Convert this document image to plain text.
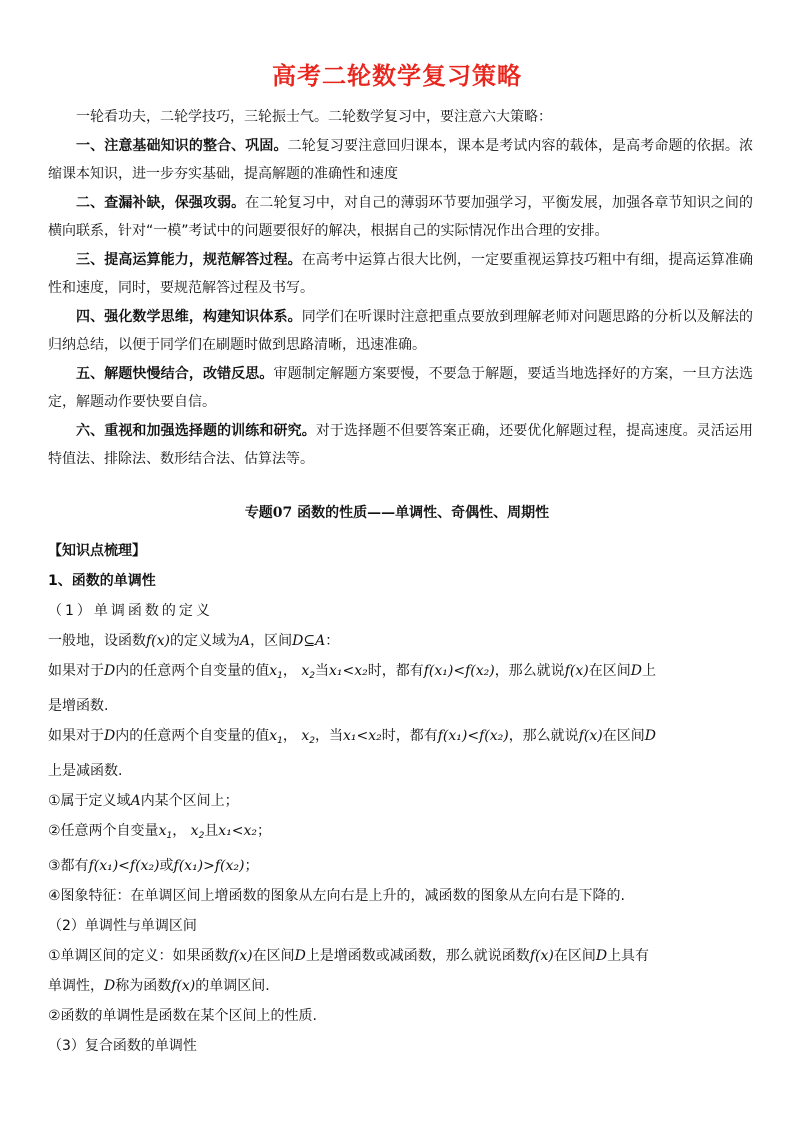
高考二轮数学复习策略

一轮看功夫，二轮学技巧，三轮振士气。二轮数学复习中，要注意六大策略：

一、注意基础知识的整合、巩固。二轮复习要注意回归课本，课本是考试内容的载体，是高考命题的依据。浓缩课本知识，进一步夯实基础，提高解题的准确性和速度

二、查漏补缺，保强攻弱。在二轮复习中，对自己的薄弱环节要加强学习，平衡发展，加强各章节知识之间的横向联系，针对“一模”考试中的问题要很好的解决，根据自己的实际情况作出合理的安排。

三、提高运算能力，规范解答过程。在高考中运算占很大比例，一定要重视运算技巧粗中有细，提高运算准确性和速度，同时，要规范解答过程及书写。

四、强化数学思维，构建知识体系。同学们在听课时注意把重点要放到理解老师对问题思路的分析以及解法的归纳总结，以便于同学们在刷题时做到思路清晰，迅速准确。

五、解题快慢结合，改错反思。审题制定解题方案要慢，不要急于解题，要适当地选择好的方案，一旦方法选定，解题动作要快要自信。

六、重视和加强选择题的训练和研究。对于选择题不但要答案正确，还要优化解题过程，提高速度。灵活运用特值法、排除法、数形结合法、估算法等。

专题07 函数的性质——单调性、奇偶性、周期性
【知识点梳理】
1、函数的单调性
（1）单调函数的定义
一般地，设函数f(x)的定义域为A，区间D⊆A：
如果对于D内的任意两个自变量的值$x_1$， $x_2$当x₁<x₂时，都有f(x₁)<f(x₂)，那么就说f(x)在区间D上
是增函数.
如果对于D内的任意两个自变量的值$x_1$， $x_2$，当x₁<x₂时，都有f(x₁)<f(x₂)，那么就说f(x)在区间D
上是减函数.
①属于定义域A内某个区间上；
②任意两个自变量$x_1$， $x_2$且x₁<x₂；
③都有f(x₁)<f(x₂)或f(x₁)>f(x₂)；
④图象特征：在单调区间上增函数的图象从左向右是上升的，减函数的图象从左向右是下降的.
（2）单调性与单调区间
①单调区间的定义：如果函数f(x)在区间D上是增函数或减函数，那么就说函数f(x)在区间D上具有
单调性，D称为函数f(x)的单调区间.
②函数的单调性是函数在某个区间上的性质.
（3）复合函数的单调性
